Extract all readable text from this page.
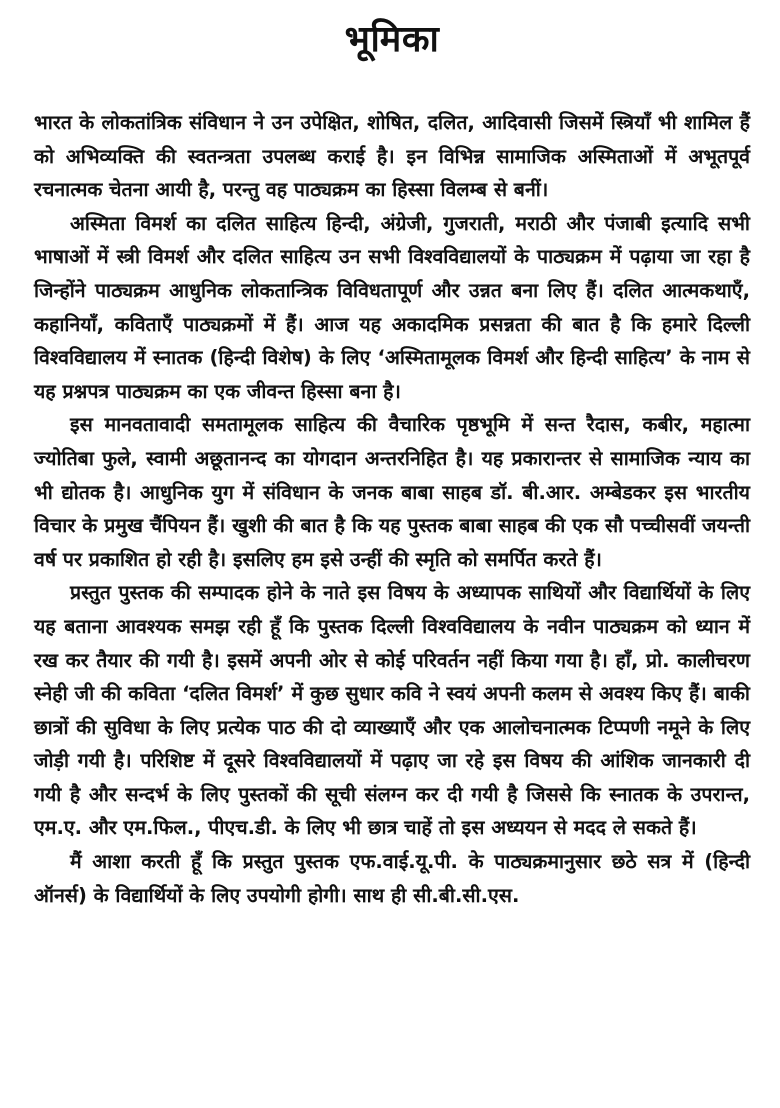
भूमिका

भारत के लोकतांत्रिक संविधान ने उन उपेक्षित, शोषित, दलित, आदिवासी जिसमें स्त्रियाँ भी शामिल हैं को अभिव्यक्ति की स्वतन्त्रता उपलब्ध कराई है। इन विभिन्न सामाजिक अस्मिताओं में अभूतपूर्व रचनात्मक चेतना आयी है, परन्तु वह पाठ्यक्रम का हिस्सा विलम्ब से बनीं।

अस्मिता विमर्श का दलित साहित्य हिन्दी, अंग्रेजी, गुजराती, मराठी और पंजाबी इत्यादि सभी भाषाओं में स्त्री विमर्श और दलित साहित्य उन सभी विश्वविद्यालयों के पाठ्यक्रम में पढ़ाया जा रहा है जिन्होंने पाठ्यक्रम आधुनिक लोकतान्त्रिक विविधतापूर्ण और उन्नत बना लिए हैं। दलित आत्मकथाएँ, कहानियाँ, कविताएँ पाठ्यक्रमों में हैं। आज यह अकादमिक प्रसन्नता की बात है कि हमारे दिल्ली विश्वविद्यालय में स्नातक (हिन्दी विशेष) के लिए ‘अस्मितामूलक विमर्श और हिन्दी साहित्य’ के नाम से यह प्रश्नपत्र पाठ्यक्रम का एक जीवन्त हिस्सा बना है।

इस मानवतावादी समतामूलक साहित्य की वैचारिक पृष्ठभूमि में सन्त रैदास, कबीर, महात्मा ज्योतिबा फुले, स्वामी अछूतानन्द का योगदान अन्तरनिहित है। यह प्रकारान्तर से सामाजिक न्याय का भी द्योतक है। आधुनिक युग में संविधान के जनक बाबा साहब डॉ. बी.आर. अम्बेडकर इस भारतीय विचार के प्रमुख चैंपियन हैं। खुशी की बात है कि यह पुस्तक बाबा साहब की एक सौ पच्चीसवीं जयन्ती वर्ष पर प्रकाशित हो रही है। इसलिए हम इसे उन्हीं की स्मृति को समर्पित करते हैं।

प्रस्तुत पुस्तक की सम्पादक होने के नाते इस विषय के अध्यापक साथियों और विद्यार्थियों के लिए यह बताना आवश्यक समझ रही हूँ कि पुस्तक दिल्ली विश्वविद्यालय के नवीन पाठ्यक्रम को ध्यान में रख कर तैयार की गयी है। इसमें अपनी ओर से कोई परिवर्तन नहीं किया गया है। हाँ, प्रो. कालीचरण स्नेही जी की कविता ‘दलित विमर्श’ में कुछ सुधार कवि ने स्वयं अपनी कलम से अवश्य किए हैं। बाकी छात्रों की सुविधा के लिए प्रत्येक पाठ की दो व्याख्याएँ और एक आलोचनात्मक टिप्पणी नमूने के लिए जोड़ी गयी है। परिशिष्ट में दूसरे विश्वविद्यालयों में पढ़ाए जा रहे इस विषय की आंशिक जानकारी दी गयी है और सन्दर्भ के लिए पुस्तकों की सूची संलग्न कर दी गयी है जिससे कि स्नातक के उपरान्त, एम.ए. और एम.फिल., पीएच.डी. के लिए भी छात्र चाहें तो इस अध्ययन से मदद ले सकते हैं।

मैं आशा करती हूँ कि प्रस्तुत पुस्तक एफ.वाई.यू.पी. के पाठ्यक्रमानुसार छठे सत्र में (हिन्दी ऑनर्स) के विद्यार्थियों के लिए उपयोगी होगी। साथ ही सी.बी.सी.एस.
